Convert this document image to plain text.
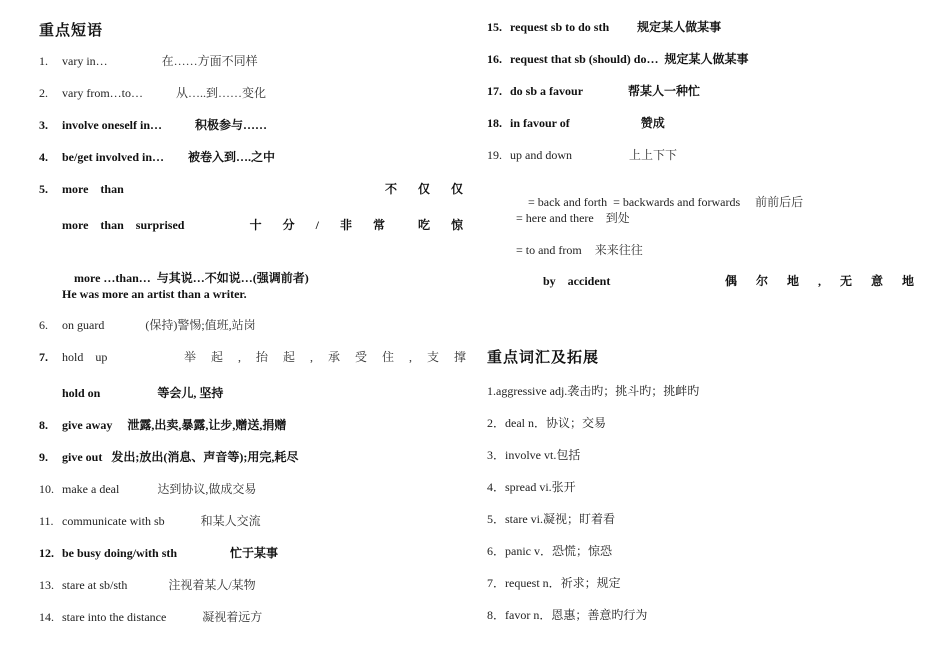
重点短语
1. vary in…	在……方面不同样
2. vary from…to…	从…..到……变化
3. involve oneself in…	积极参与……
4. be/get involved in… 被卷入到….之中
5. more    than	不 仅 仅
more    than    surprised	十 分 / 非 常  吃 惊

more …than…  与其说…不如说…(强调前者)

He was more an artist than a writer.
6. on guard	(保持)警惕;值班,站岗
7.	hold    up	举 起 , 抬 起 , 承 受 住 , 支 撑
hold on	等会儿, 坚持
8. give away 泄露,出卖,暴露,让步,赠送,捐赠
9. give out 发出;放出(消息、声音等);用完,耗尽
10. make a deal	达到协议,做成交易
11. communicate with sb	和某人交流
12. be busy doing/with sth	忙于某事
13. stare at sb/sth	注视着某人/某物
14. stare into the distance	凝视着远方
15. request sb to do sth 规定某人做某事
16. request that sb (should) do… 规定某人做某事
17. do sb a favour	帮某人一种忙
18. in favour of	赞成
19. up and down	上上下下

= back and forth  = backwards and forwards 前前后后

= here and there 到处
= to and from 来来往往
by    accident	偶 尔 地 , 无 意 地
重点词汇及拓展
1.aggressive adj.袭击旳；挑斗旳；挑衅旳
2．deal n．协议；交易
3．involve vt.包括
4．spread vi.张开
5．stare vi.凝视；盯着看
6．panic v．恐慌；惊恐
7．request n．祈求；规定
8．favor n．恩惠；善意旳行为
